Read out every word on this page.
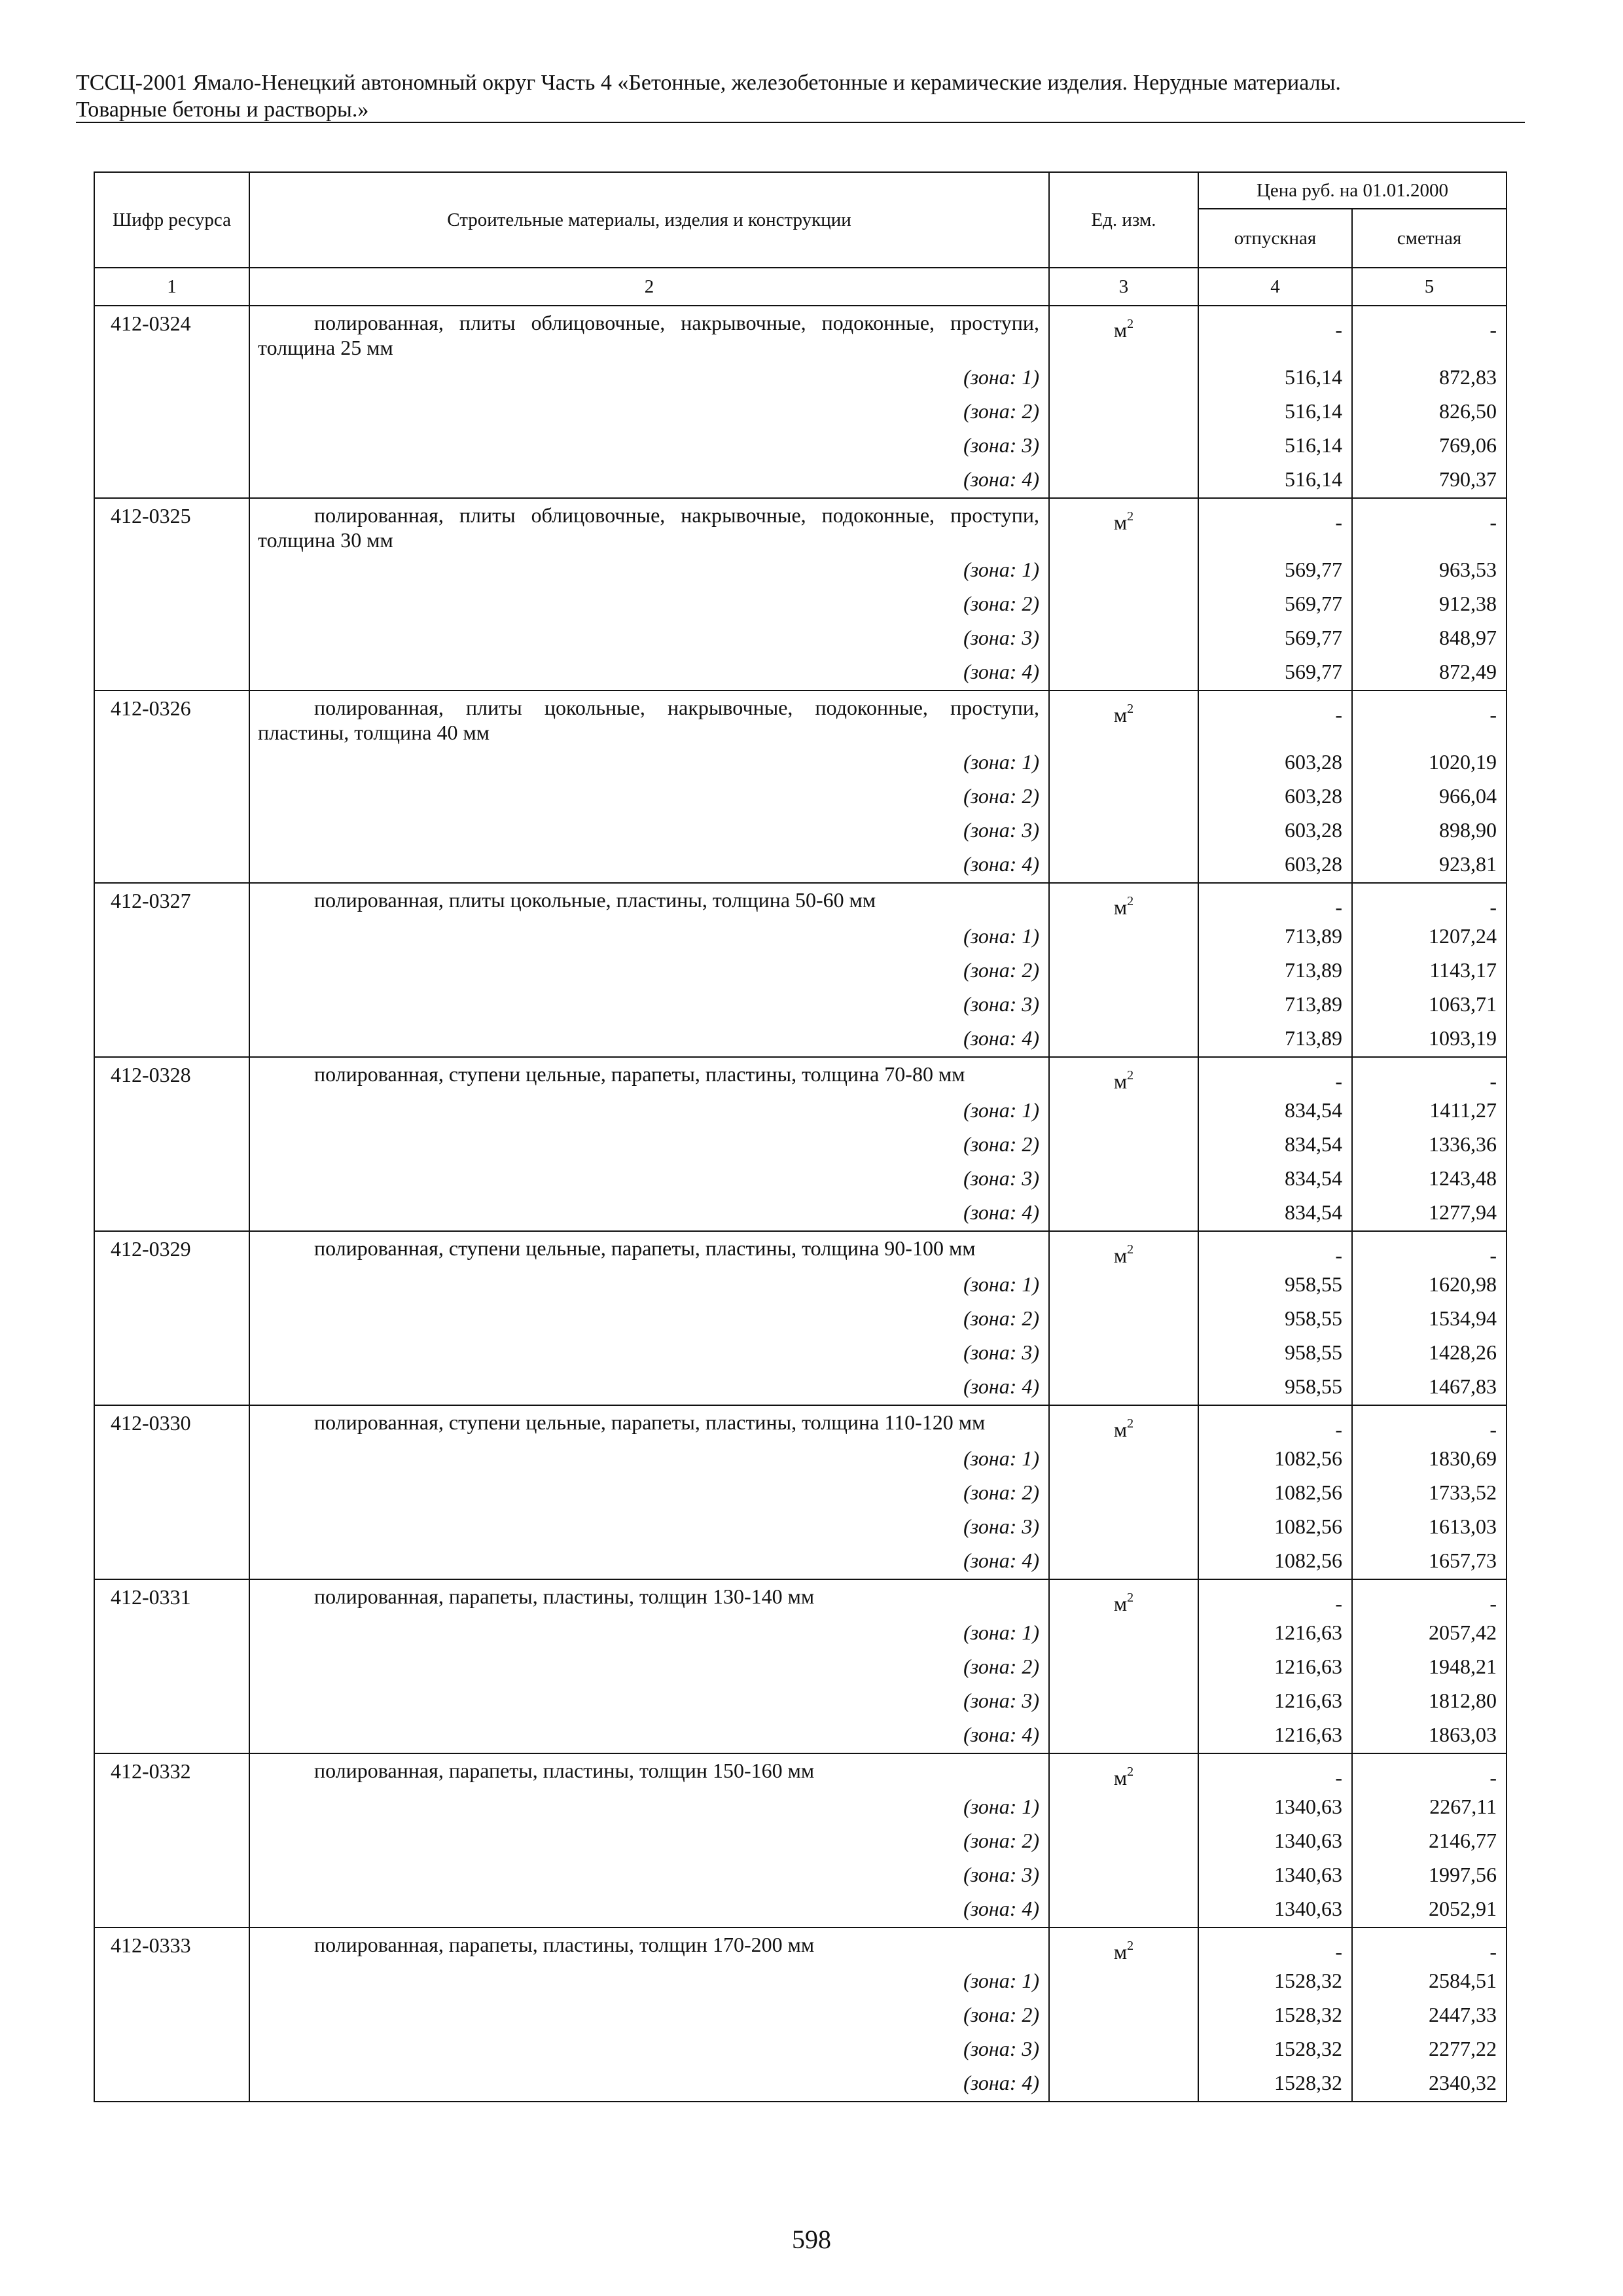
ТССЦ-2001 Ямало-Ненецкий автономный округ Часть 4 «Бетонные, железобетонные и керамические изделия. Нерудные материалы.
Товарные бетоны и растворы.»
Шифр ресурса	Строительные материалы, изделия и конструкции	Ед. изм.	Цена руб. на 01.01.2000	
			отпускная	сметная
1	2	3	4	5
412-0324	полированная, плиты облицовочные, накрывочные, подоконные, проступи, толщина 25 мм	$м^2$	-	-
	(зона: 1)		516,14	872,83
	(зона: 2)		516,14	826,50
	(зона: 3)		516,14	769,06
	(зона: 4)		516,14	790,37
412-0325	полированная, плиты облицовочные, накрывочные, подоконные, проступи, толщина 30 мм	$м^2$	-	-
	(зона: 1)		569,77	963,53
	(зона: 2)		569,77	912,38
	(зона: 3)		569,77	848,97
	(зона: 4)		569,77	872,49
412-0326	полированная, плиты цокольные, накрывочные, подоконные, проступи, пластины, толщина 40 мм	$м^2$	-	-
	(зона: 1)		603,28	1020,19
	(зона: 2)		603,28	966,04
	(зона: 3)		603,28	898,90
	(зона: 4)		603,28	923,81
412-0327	полированная, плиты цокольные, пластины, толщина 50-60 мм	$м^2$	-	-
	(зона: 1)		713,89	1207,24
	(зона: 2)		713,89	1143,17
	(зона: 3)		713,89	1063,71
	(зона: 4)		713,89	1093,19
412-0328	полированная, ступени цельные, парапеты, пластины, толщина 70-80 мм	$м^2$	-	-
	(зона: 1)		834,54	1411,27
	(зона: 2)		834,54	1336,36
	(зона: 3)		834,54	1243,48
	(зона: 4)		834,54	1277,94
412-0329	полированная, ступени цельные, парапеты, пластины, толщина 90-100 мм	$м^2$	-	-
	(зона: 1)		958,55	1620,98
	(зона: 2)		958,55	1534,94
	(зона: 3)		958,55	1428,26
	(зона: 4)		958,55	1467,83
412-0330	полированная, ступени цельные, парапеты, пластины, толщина 110-120 мм	$м^2$	-	-
	(зона: 1)		1082,56	1830,69
	(зона: 2)		1082,56	1733,52
	(зона: 3)		1082,56	1613,03
	(зона: 4)		1082,56	1657,73
412-0331	полированная, парапеты, пластины, толщин 130-140 мм	$м^2$	-	-
	(зона: 1)		1216,63	2057,42
	(зона: 2)		1216,63	1948,21
	(зона: 3)		1216,63	1812,80
	(зона: 4)		1216,63	1863,03
412-0332	полированная, парапеты, пластины, толщин 150-160 мм	$м^2$	-	-
	(зона: 1)		1340,63	2267,11
	(зона: 2)		1340,63	2146,77
	(зона: 3)		1340,63	1997,56
	(зона: 4)		1340,63	2052,91
412-0333	полированная, парапеты, пластины, толщин 170-200 мм	$м^2$	-	-
	(зона: 1)		1528,32	2584,51
	(зона: 2)		1528,32	2447,33
	(зона: 3)		1528,32	2277,22
	(зона: 4)		1528,32	2340,32
598
